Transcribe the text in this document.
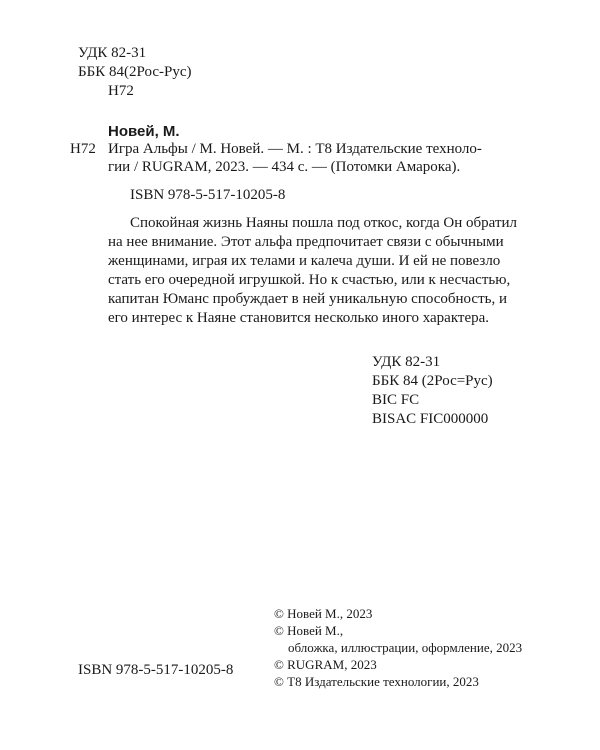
УДК 82-31
ББК 84(2Рос-Рус)
Н72
Н72
Новей, М.
Игра Альфы / М. Новей. — М. : Т8 Издательские техноло-
гии / RUGRAM, 2023. — 434 с. — (Потомки Амарока).
ISBN 978-5-517-10205-8

Спокойная жизнь Наяны пошла под откос, когда Он обратил

на нее внимание. Этот альфа предпочитает связи с обычными

женщинами, играя их телами и калеча души. И ей не повезло

стать его очередной игрушкой. Но к счастью, или к несчастью,

капитан Юманс пробуждает в ней уникальную способность, и

его интерес к Наяне становится несколько иного характера.

УДК 82-31
ББК 84 (2Рос=Рус)
BIC FC
BISAC FIC000000
ISBN 978-5-517-10205-8
© Новей М., 2023
© Новей М.,
обложка, иллюстрации, оформление, 2023
© RUGRAM, 2023
© Т8 Издательские технологии, 2023
